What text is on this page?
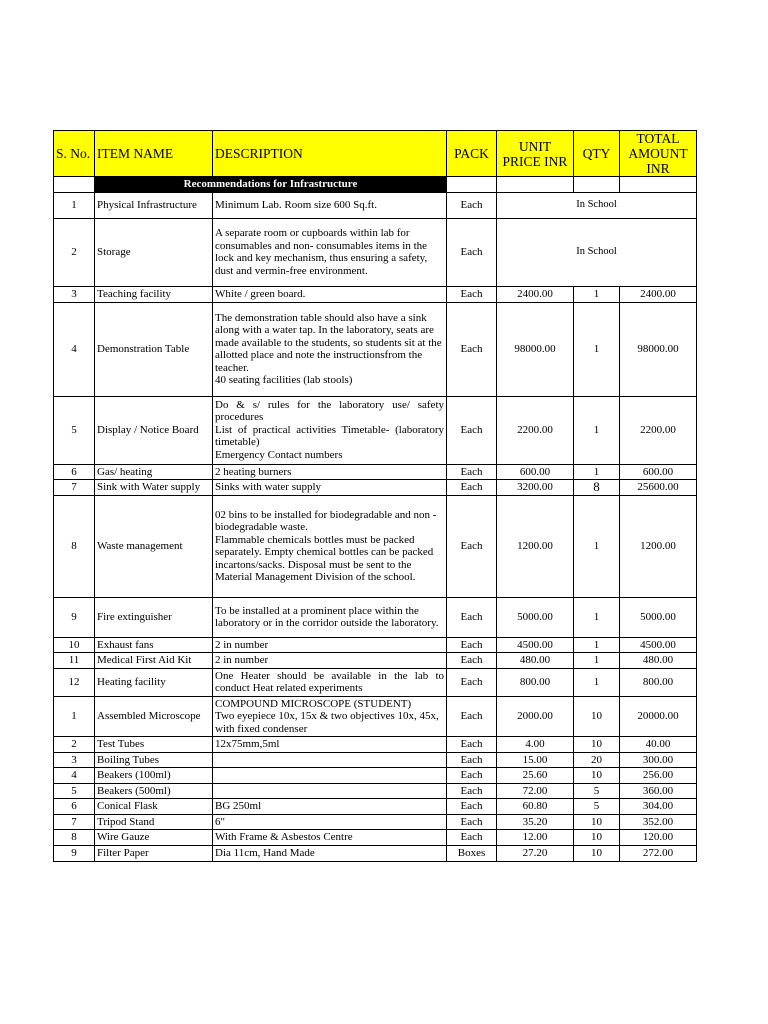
S. No.	ITEM NAME	DESCRIPTION	PACK	UNIT PRICE INR	QTY	TOTAL AMOUNT INR
	Recommendations for Infrastructure					
1	Physical Infrastructure	Minimum Lab. Room size 600 Sq.ft.	Each	In School		
2	Storage	A separate room or cupboards within lab for consumables and non- consumables items in the lock and key mechanism, thus ensuring a safety, dust and vermin-free environment.	Each	In School		
3	Teaching facility	White / green board.	Each	2400.00	1	2400.00
4	Demonstration Table	The demonstration table should also have a sink along with a water tap. In the laboratory, seats are made available to the students, so students sit at the allotted place and note the instructionsfrom the teacher.
40 seating facilities (lab stools)	Each	98000.00	1	98000.00
5	Display / Notice Board	Do & s/ rules for the laboratory use/ safety procedures
List of practical activities Timetable- (laboratory timetable)
Emergency Contact numbers	Each	2200.00	1	2200.00
6	Gas/ heating	2 heating burners	Each	600.00	1	600.00
7	Sink with Water supply	Sinks with water supply	Each	3200.00	8	25600.00
8	Waste management	02 bins to be installed for biodegradable and non - biodegradable waste.
Flammable chemicals bottles must be packed separately. Empty chemical bottles can be packed incartons/sacks. Disposal must be sent to the Material Management Division of the school.	Each	1200.00	1	1200.00
9	Fire extinguisher	To be installed at a prominent place within the laboratory or in the corridor outside the laboratory.	Each	5000.00	1	5000.00
10	Exhaust fans	2 in number	Each	4500.00	1	4500.00
11	Medical First Aid Kit	2 in number	Each	480.00	1	480.00
12	Heating facility	One Heater should be available in the lab to conduct Heat related experiments	Each	800.00	1	800.00
1	Assembled Microscope	COMPOUND MICROSCOPE (STUDENT)
Two eyepiece 10x, 15x & two objectives 10x, 45x, with fixed condenser	Each	2000.00	10	20000.00
2	Test Tubes	12x75mm,5ml	Each	4.00	10	40.00
3	Boiling Tubes		Each	15.00	20	300.00
4	Beakers (100ml)		Each	25.60	10	256.00
5	Beakers (500ml)		Each	72.00	5	360.00
6	Conical Flask	BG 250ml	Each	60.80	5	304.00
7	Tripod Stand	6"	Each	35.20	10	352.00
8	Wire Gauze	With Frame & Asbestos Centre	Each	12.00	10	120.00
9	Filter Paper	Dia 11cm, Hand Made	Boxes	27.20	10	272.00
